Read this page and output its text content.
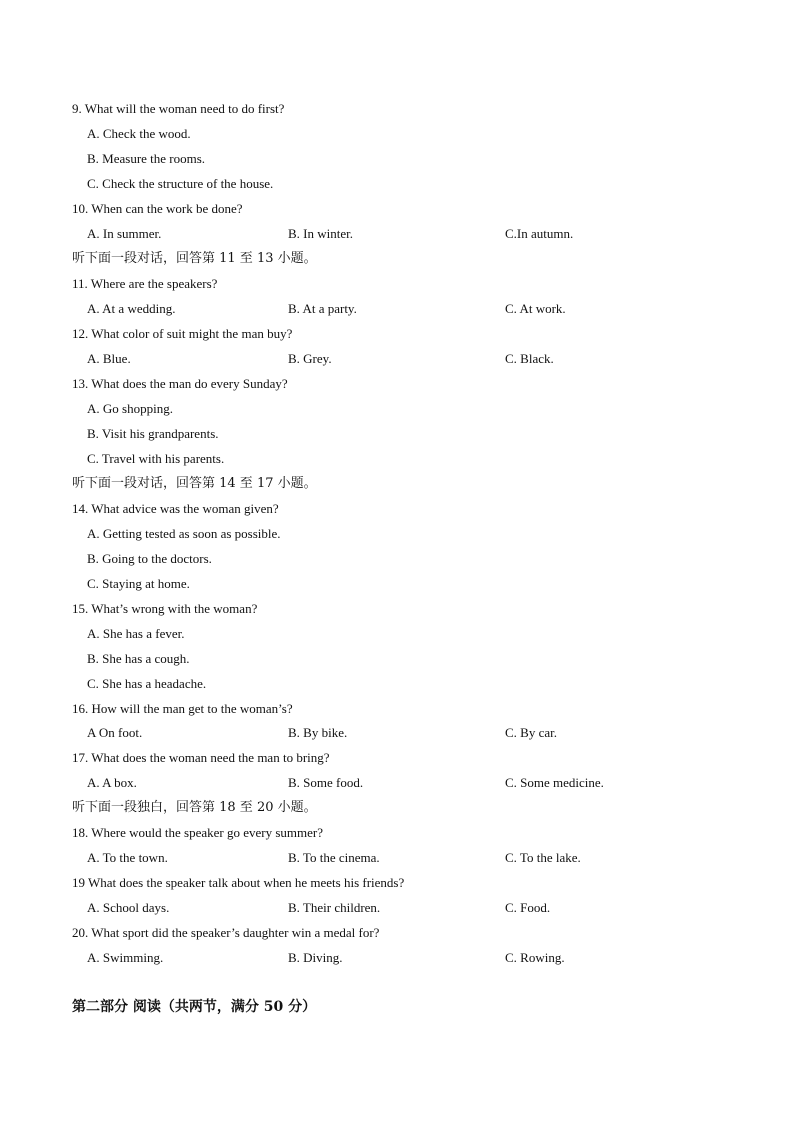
9. What will the woman need to do first?
A. Check the wood.
B. Measure the rooms.
C. Check the structure of the house.
10. When can the work be done?
A. In summer.	B. In winter.	C.In autumn.
听下面一段对话，回答第 11 至 13 小题。
11. Where are the speakers?
A. At a wedding.	B. At a party.	C. At work.
12. What color of suit might the man buy?
A. Blue.	B. Grey.	C. Black.
13. What does the man do every Sunday?
A. Go shopping.
B. Visit his grandparents.
C. Travel with his parents.
听下面一段对话，回答第 14 至 17 小题。
14. What advice was the woman given?
A. Getting tested as soon as possible.
B. Going to the doctors.
C. Staying at home.
15. What’s wrong with the woman?
A. She has a fever.
B. She has a cough.
C. She has a headache.
16. How will the man get to the woman’s?
A On foot.	B. By bike.	C. By car.
17. What does the woman need the man to bring?
A. A box.	B. Some food.	C. Some medicine.
听下面一段独白，回答第 18 至 20 小题。
18. Where would the speaker go every summer?
A. To the town.	B. To the cinema.	C. To the lake.
19 What does the speaker talk about when he meets his friends?
A. School days.	B. Their children.	C. Food.
20. What sport did the speaker’s daughter win a medal for?
A. Swimming.	B. Diving.	C. Rowing.
第二部分 阅读（共两节，满分 50 分）
